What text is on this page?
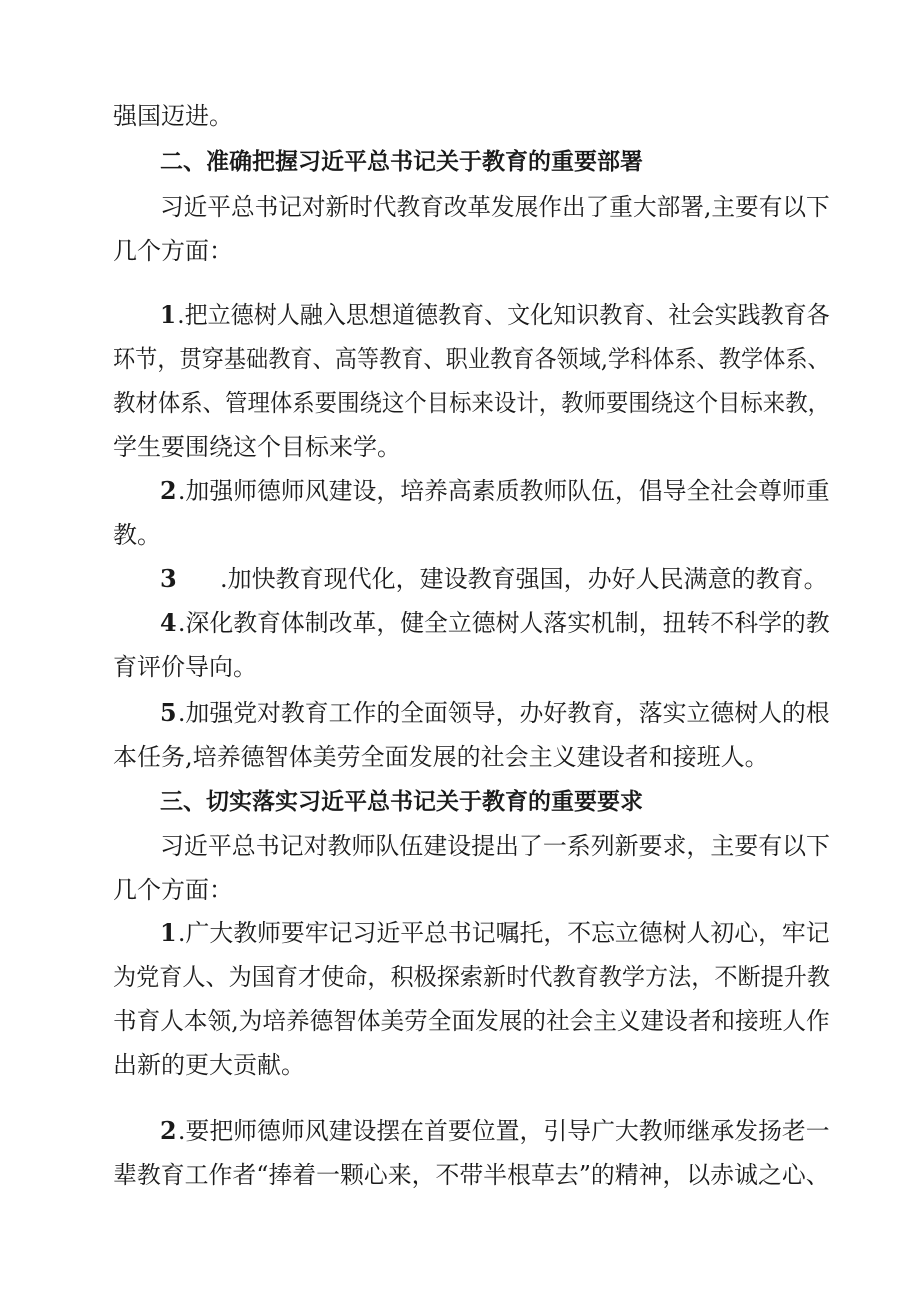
强国迈进。
二、准确把握习近平总书记关于教育的重要部署
习近平总书记对新时代教育改革发展作出了重大部署,主要有以下
几个方面：
1.把立德树人融入思想道德教育、文化知识教育、社会实践教育各
环节，贯穿基础教育、高等教育、职业教育各领域,学科体系、教学体系、
教材体系、管理体系要围绕这个目标来设计，教师要围绕这个目标来教，
学生要围绕这个目标来学。
2.加强师德师风建设，培养高素质教师队伍，倡导全社会尊师重
教。
3 .加快教育现代化，建设教育强国，办好人民满意的教育。
4.深化教育体制改革，健全立德树人落实机制，扭转不科学的教
育评价导向。
5.加强党对教育工作的全面领导，办好教育，落实立德树人的根
本任务,培养德智体美劳全面发展的社会主义建设者和接班人。
三、切实落实习近平总书记关于教育的重要要求
习近平总书记对教师队伍建设提出了一系列新要求，主要有以下
几个方面：
1.广大教师要牢记习近平总书记嘱托，不忘立德树人初心，牢记
为党育人、为国育才使命，积极探索新时代教育教学方法，不断提升教
书育人本领,为培养德智体美劳全面发展的社会主义建设者和接班人作
出新的更大贡献。
2.要把师德师风建设摆在首要位置，引导广大教师继承发扬老一
辈教育工作者“捧着一颗心来，不带半根草去”的精神，以赤诚之心、
